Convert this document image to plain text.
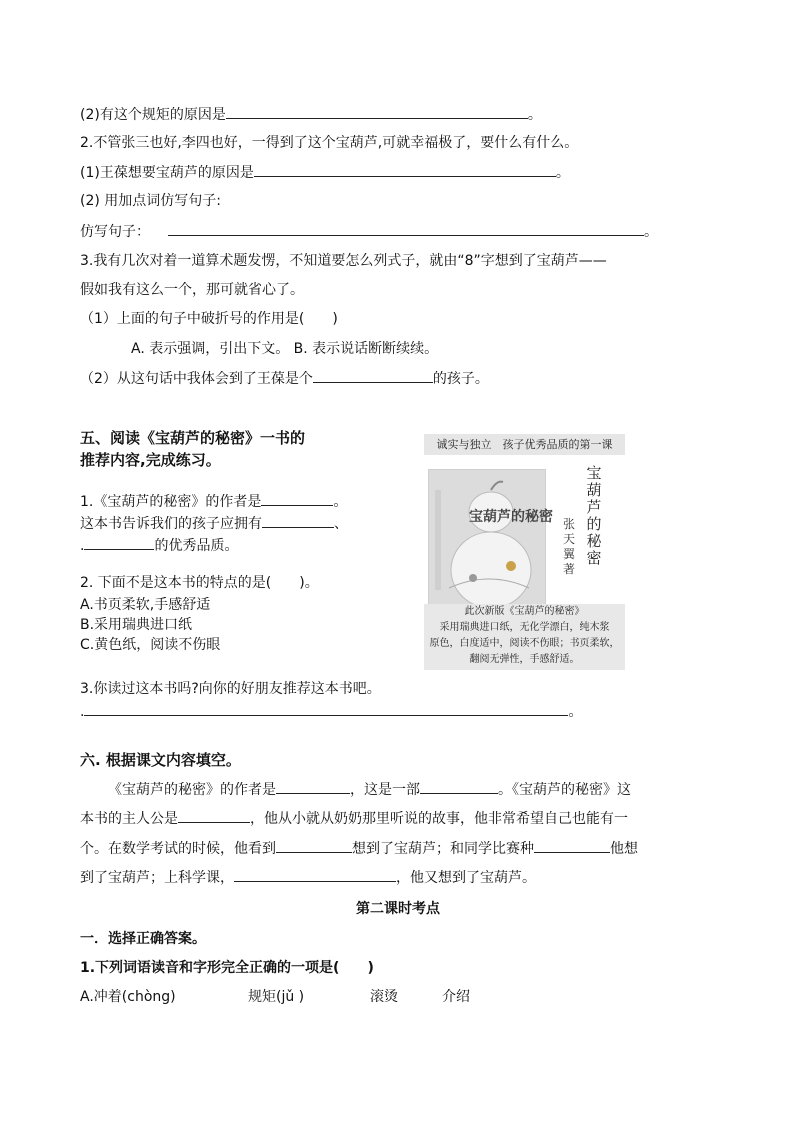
(2)有这个规矩的原因是	。
2.不管张三也好,李四也好，一得到了这个宝葫芦,可就幸福极了，要什么有什么。
(1)王葆想要宝葫芦的原因是	。
(2) 用加点词仿写句子:
仿写句子：	。
3.我有几次对着一道算术题发愣，不知道要怎么列式子，就由“8”字想到了宝葫芦——
假如我有这么一个，那可就省心了。
（1）上面的句子中破折号的作用是(　　)
A. 表示强调，引出下文。 B. 表示说话断断续续。
（2）从这句话中我体会到了王葆是个	的孩子。
五、阅读《宝葫芦的秘密》一书的
推荐内容,完成练习。
1.《宝葫芦的秘密》的作者是	。
这本书告诉我们的孩子应拥有	、
.	的优秀品质。
2. 下面不是这本书的特点的是(　　)。
A.书页柔软,手感舒适
B.采用瑞典进口纸
C.黄色纸，阅读不伤眼
诚实与独立　孩子优秀品质的第一课
宝葫芦的秘密
宝葫芦的秘密
张天翼 著
此次新版《宝葫芦的秘密》
采用瑞典进口纸，无化学漂白，纯木浆
原色，白度适中，阅读不伤眼；书页柔软，
翻阅无弹性，手感舒适。
3.你读过这本书吗?向你的好朋友推荐这本书吧。
.	。
六. 根据课文内容填空。
《宝葫芦的秘密》的作者是	，这是一部	。《宝葫芦的秘密》这
本书的主人公是	，他从小就从奶奶那里听说的故事，他非常希望自己也能有一
个。在数学考试的时候，他看到	想到了宝葫芦；和同学比赛种	他想
到了宝葫芦；上科学课，	，他又想到了宝葫芦。
第二课时考点
一．选择正确答案。
1.下列词语读音和字形完全正确的一项是(　　)
A.冲着(chòng)	规矩(jǔ )	滚烫	介绍
